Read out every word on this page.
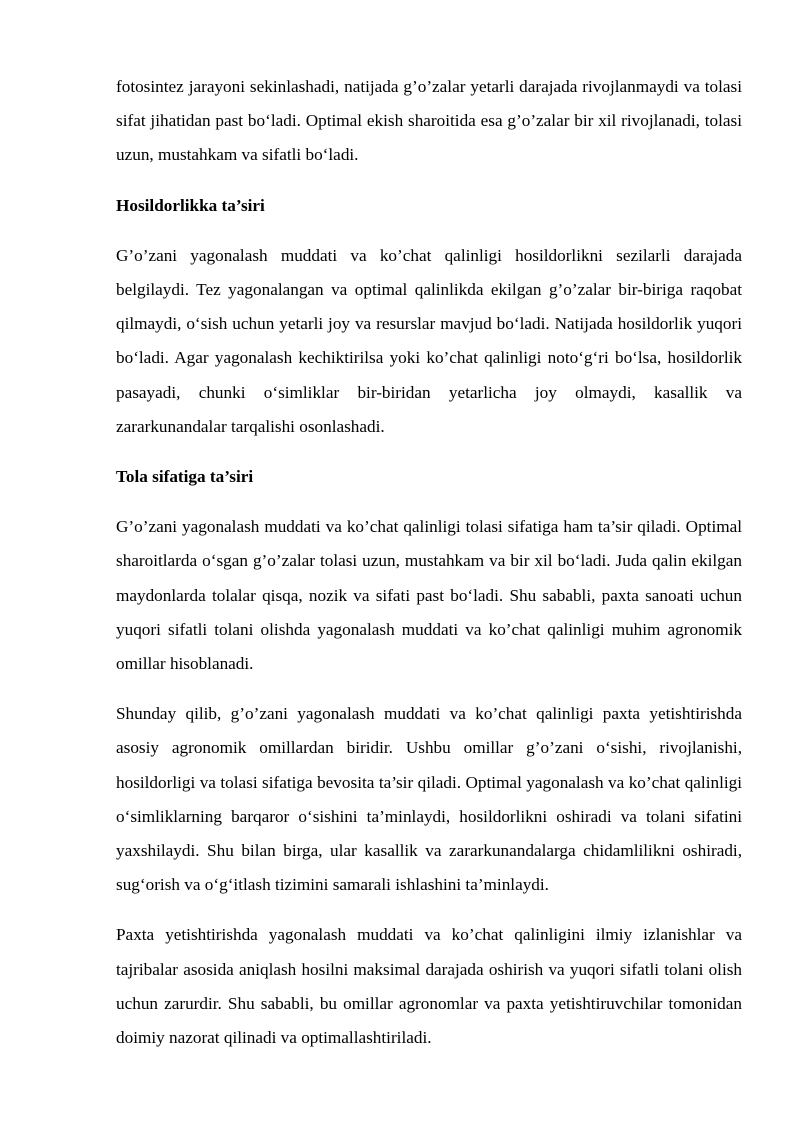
fotosintez jarayoni sekinlashadi, natijada g’o’zalar yetarli darajada rivojlanmaydi va tolasi sifat jihatidan past bo‘ladi. Optimal ekish sharoitida esa g’o’zalar bir xil rivojlanadi, tolasi uzun, mustahkam va sifatli bo‘ladi.

Hosildorlikka ta’siri

G’o’zani yagonalash muddati va ko’chat qalinligi hosildorlikni sezilarli darajada belgilaydi. Tez yagonalangan va optimal qalinlikda ekilgan g’o’zalar bir-biriga raqobat qilmaydi, o‘sish uchun yetarli joy va resurslar mavjud bo‘ladi. Natijada hosildorlik yuqori bo‘ladi. Agar yagonalash kechiktirilsa yoki ko’chat qalinligi noto‘g‘ri bo‘lsa, hosildorlik pasayadi, chunki o‘simliklar bir-biridan yetarlicha joy olmaydi, kasallik va zararkunandalar tarqalishi osonlashadi.

Tola sifatiga ta’siri

G’o’zani yagonalash muddati va ko’chat qalinligi tolasi sifatiga ham ta’sir qiladi. Optimal sharoitlarda o‘sgan g’o’zalar tolasi uzun, mustahkam va bir xil bo‘ladi. Juda qalin ekilgan maydonlarda tolalar qisqa, nozik va sifati past bo‘ladi. Shu sababli, paxta sanoati uchun yuqori sifatli tolani olishda yagonalash muddati va ko’chat qalinligi muhim agronomik omillar hisoblanadi.

Shunday qilib, g’o’zani yagonalash muddati va ko’chat qalinligi paxta yetishtirishda asosiy agronomik omillardan biridir. Ushbu omillar g’o’zani o‘sishi, rivojlanishi, hosildorligi va tolasi sifatiga bevosita ta’sir qiladi. Optimal yagonalash va ko’chat qalinligi o‘simliklarning barqaror o‘sishini ta’minlaydi, hosildorlikni oshiradi va tolani sifatini yaxshilaydi. Shu bilan birga, ular kasallik va zararkunandalarga chidamlilikni oshiradi, sug‘orish va o‘g‘itlash tizimini samarali ishlashini ta’minlaydi.

Paxta yetishtirishda yagonalash muddati va ko’chat qalinligini ilmiy izlanishlar va tajribalar asosida aniqlash hosilni maksimal darajada oshirish va yuqori sifatli tolani olish uchun zarurdir. Shu sababli, bu omillar agronomlar va paxta yetishtiruvchilar tomonidan doimiy nazorat qilinadi va optimallashtiriladi.
